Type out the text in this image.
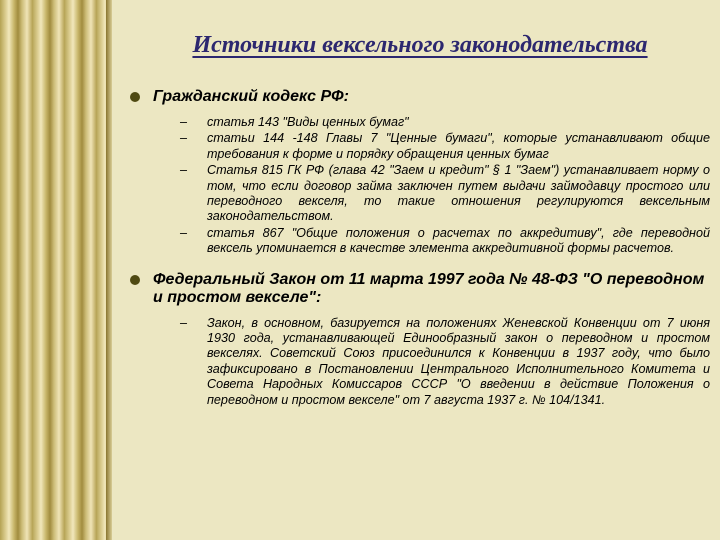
Источники вексельного законодательства
Гражданский кодекс РФ:
– статья 143 "Виды ценных бумаг"
– статьи 144 -148 Главы 7 "Ценные бумаги", которые устанавливают общие требования к форме и порядку обращения ценных бумаг
– Статья 815 ГК РФ (глава 42 "Заем и кредит" § 1 "Заем") устанавливает норму о том, что если договор займа заключен путем выдачи займодавцу простого или переводного векселя, то такие отношения регулируются вексельным законодательством.
– статья 867 "Общие положения о расчетах по аккредитиву", где переводной вексель упоминается в качестве элемента аккредитивной формы расчетов.
Федеральный Закон от 11 марта 1997 года № 48-ФЗ "О переводном и простом векселе":
– Закон, в основном, базируется на положениях Женевской Конвенции от 7 июня 1930 года, устанавливающей Единообразный закон о переводном и простом векселях. Советский Союз присоединился к Конвенции в 1937 году, что было зафиксировано в Постановлении Центрального Исполнительного Комитета и Совета Народных Комиссаров СССР "О введении в действие Положения о переводном и простом векселе" от 7 августа 1937 г. № 104/1341.
